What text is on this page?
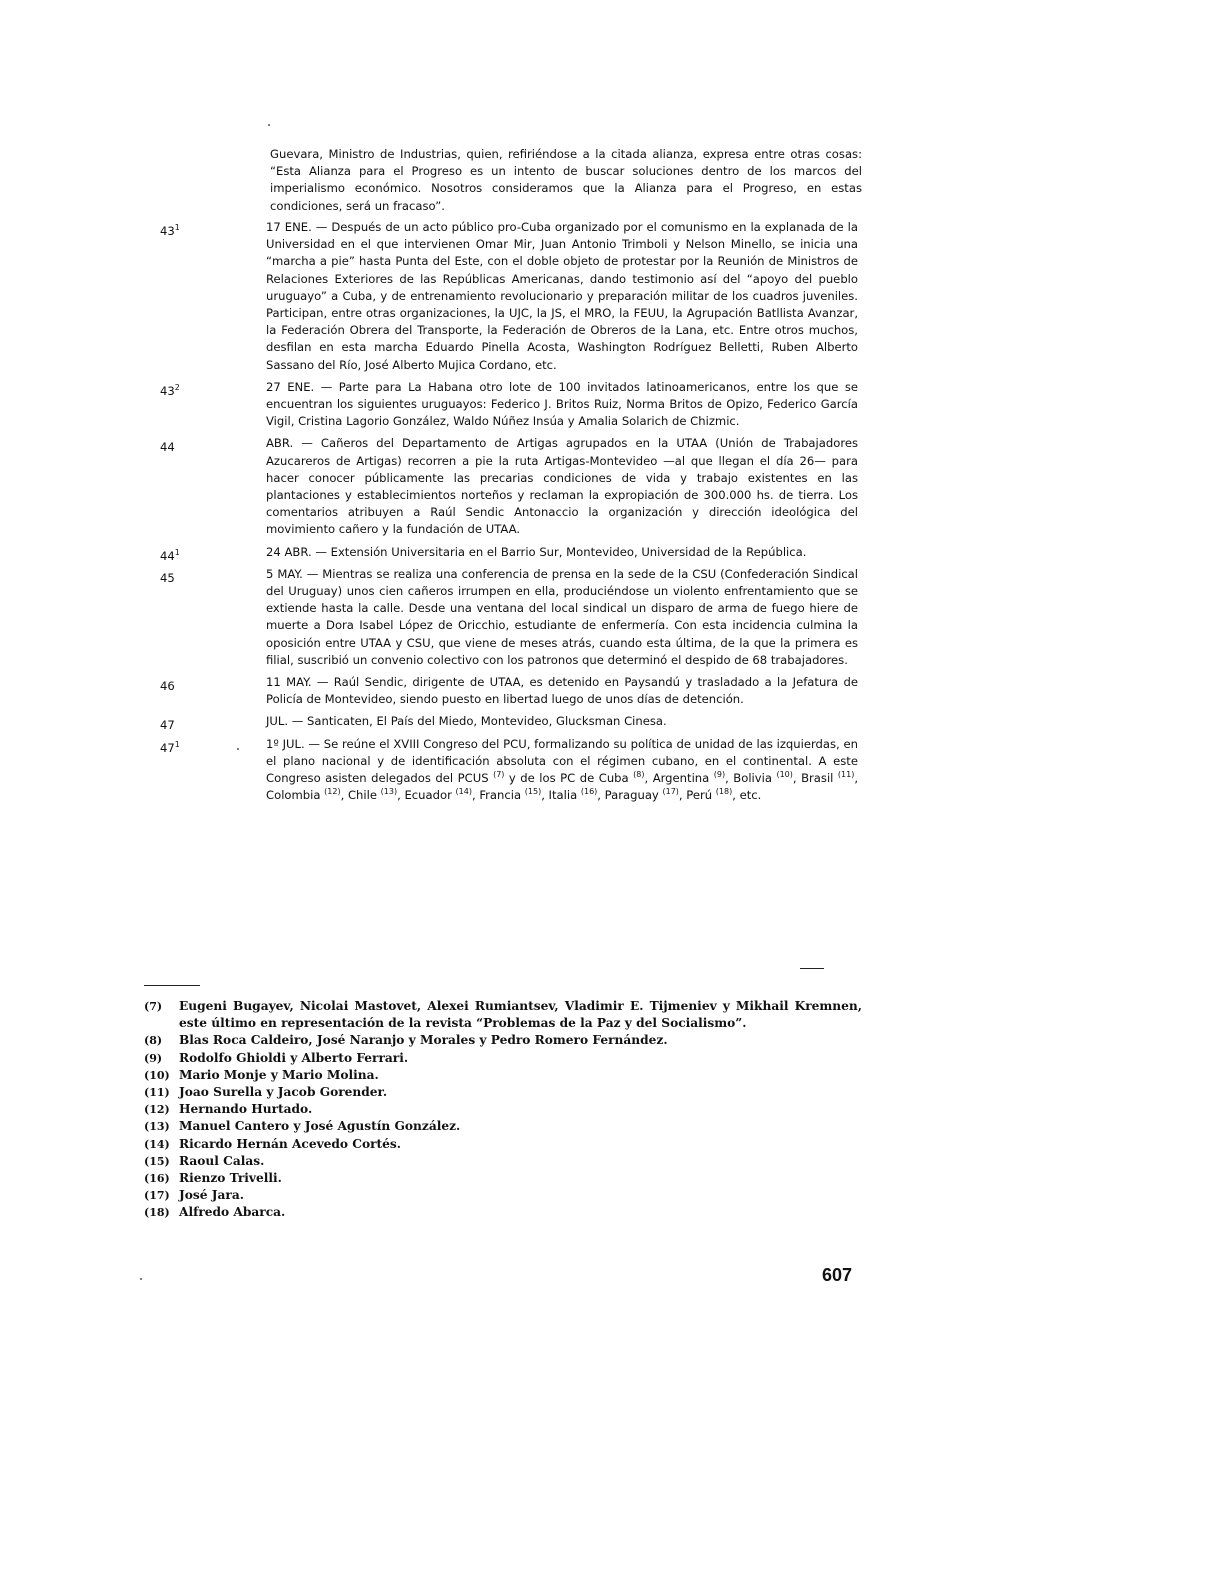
Guevara, Ministro de Industrias, quien, refiriéndose a la citada alianza, expresa entre otras cosas: “Esta Alianza para el Progreso es un intento de buscar soluciones dentro de los marcos del imperialismo económico. Nosotros consideramos que la Alianza para el Progreso, en estas condiciones, será un fracaso”.

$43^1$	17 ENE. — Después de un acto público pro-Cuba organizado por el comunismo en la explanada de la Universidad en el que intervienen Omar Mir, Juan Antonio Trimboli y Nelson Minello, se inicia una “marcha a pie” hasta Punta del Este, con el doble objeto de protestar por la Reunión de Ministros de Relaciones Exteriores de las Repúblicas Americanas, dando testimonio así del “apoyo del pueblo uruguayo” a Cuba, y de entrenamiento revolucionario y preparación militar de los cuadros juveniles. Participan, entre otras organizaciones, la UJC, la JS, el MRO, la FEUU, la Agrupación Batllista Avanzar, la Federación Obrera del Transporte, la Federación de Obreros de la Lana, etc. Entre otros muchos, desfilan en esta marcha Eduardo Pinella Acosta, Washington Rodríguez Belletti, Ruben Alberto Sassano del Río, José Alberto Mujica Cordano, etc.
$43^2$	27 ENE. — Parte para La Habana otro lote de 100 invitados latinoamericanos, entre los que se encuentran los siguientes uruguayos: Federico J. Britos Ruiz, Norma Britos de Opizo, Federico García Vigil, Cristina Lagorio González, Waldo Núñez Insúa y Amalia Solarich de Chizmic.
44	ABR. — Cañeros del Departamento de Artigas agrupados en la UTAA (Unión de Trabajadores Azucareros de Artigas) recorren a pie la ruta Artigas-Montevideo —al que llegan el día 26— para hacer conocer públicamente las precarias condiciones de vida y trabajo existentes en las plantaciones y establecimientos norteños y reclaman la expropiación de 300.000 hs. de tierra. Los comentarios atribuyen a Raúl Sendic Antonaccio la organización y dirección ideológica del movimiento cañero y la fundación de UTAA.
$44^1$	24 ABR. — Extensión Universitaria en el Barrio Sur, Montevideo, Universidad de la República.
45	5 MAY. — Mientras se realiza una conferencia de prensa en la sede de la CSU (Confederación Sindical del Uruguay) unos cien cañeros irrumpen en ella, produciéndose un violento enfrentamiento que se extiende hasta la calle. Desde una ventana del local sindical un disparo de arma de fuego hiere de muerte a Dora Isabel López de Oricchio, estudiante de enfermería. Con esta incidencia culmina la oposición entre UTAA y CSU, que viene de meses atrás, cuando esta última, de la que la primera es filial, suscribió un convenio colectivo con los patronos que determinó el despido de 68 trabajadores.
46	11 MAY. — Raúl Sendic, dirigente de UTAA, es detenido en Paysandú y trasladado a la Jefatura de Policía de Montevideo, siendo puesto en libertad luego de unos días de detención.
47	JUL. — Santicaten, El País del Miedo, Montevideo, Glucksman Cinesa.
$47^1$	1º JUL. — Se reúne el XVIII Congreso del PCU, formalizando su política de unidad de las izquierdas, en el plano nacional y de identificación absoluta con el régimen cubano, en el continental. A este Congreso asisten delegados del PCUS $^{(7)}$ y de los PC de Cuba $^{(8)}$, Argentina $^{(9)}$, Bolivia $^{(10)}$, Brasil $^{(11)}$, Colombia $^{(12)}$, Chile $^{(13)}$, Ecuador $^{(14)}$, Francia $^{(15)}$, Italia $^{(16)}$, Paraguay $^{(17)}$, Perú $^{(18)}$, etc.
(7)	Eugeni Bugayev, Nicolai Mastovet, Alexei Rumiantsev, Vladimir E. Tijmeniev y Mikhail Kremnen, este último en representación de la revista “Problemas de la Paz y del Socialismo”.
(8)	Blas Roca Caldeiro, José Naranjo y Morales y Pedro Romero Fernández.
(9)	Rodolfo Ghioldi y Alberto Ferrari.
(10) Mario Monje y Mario Molina.
(11) Joao Surella y Jacob Gorender.
(12) Hernando Hurtado.
(13) Manuel Cantero y José Agustín González.
(14) Ricardo Hernán Acevedo Cortés.
(15) Raoul Calas.
(16) Rienzo Trivelli.
(17) José Jara.
(18) Alfredo Abarca.
607
